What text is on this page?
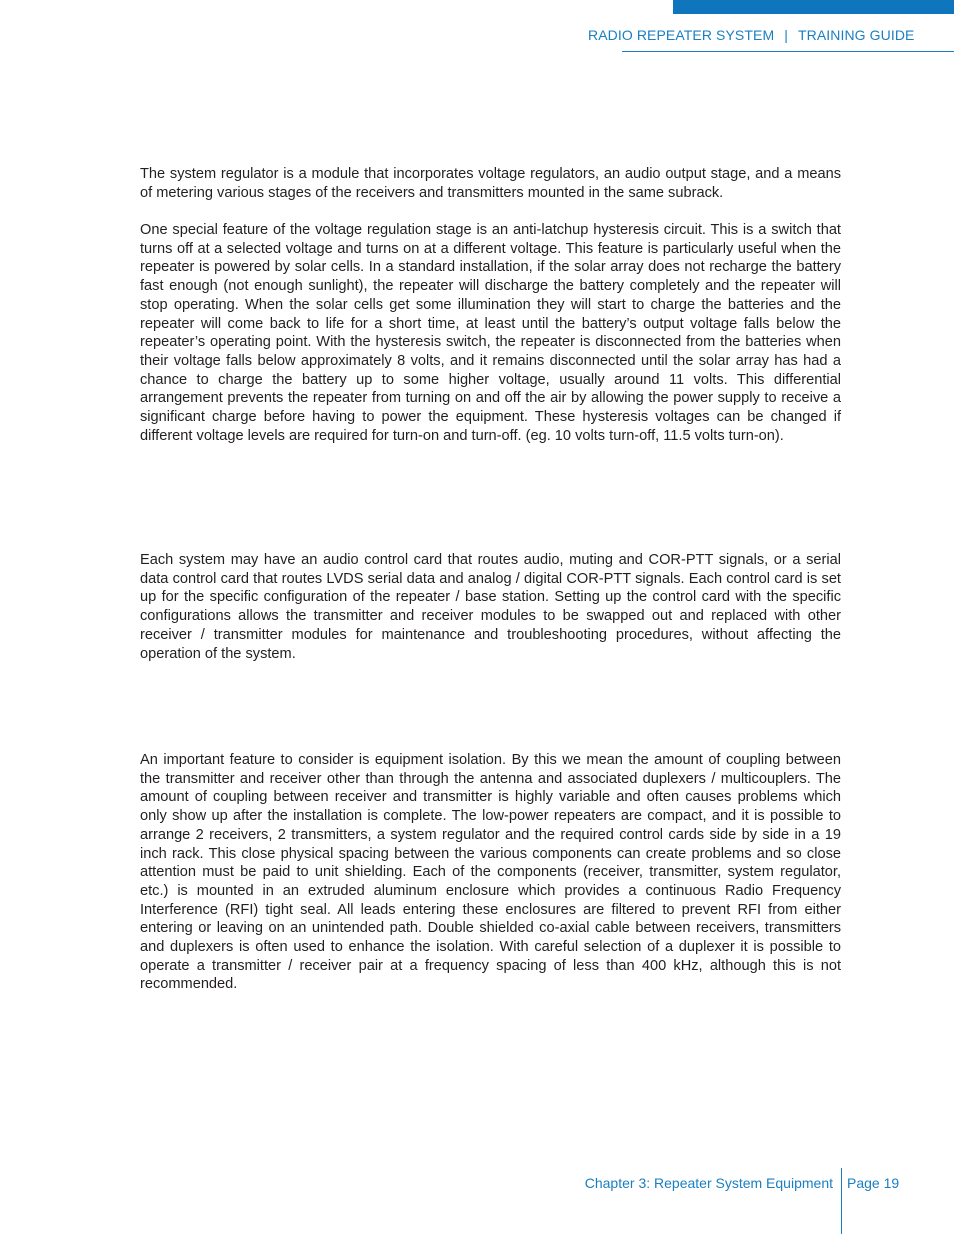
RADIO REPEATER SYSTEM | TRAINING GUIDE

The system regulator is a module that incorporates voltage regulators, an audio output stage, and a means of metering various stages of the receivers and transmitters mounted in the same subrack.

One special feature of the voltage regulation stage is an anti-latchup hysteresis circuit. This is a switch that turns off at a selected voltage and turns on at a different voltage. This feature is particularly useful when the repeater is powered by solar cells. In a standard installation, if the solar array does not recharge the battery fast enough (not enough sunlight), the repeater will discharge the battery completely and the repeater will stop operating. When the solar cells get some illumination they will start to charge the batteries and the repeater will come back to life for a short time, at least until the battery’s output voltage falls below the repeater’s operating point. With the hysteresis switch, the repeater is disconnected from the batteries when their voltage falls below approximately 8 volts, and it remains disconnected until the solar array has had a chance to charge the battery up to some higher voltage, usually around 11 volts. This differential arrangement prevents the repeater from turning on and off the air by allowing the power supply to receive a significant charge before having to power the equipment. These hysteresis voltages can be changed if different voltage levels are required for turn-on and turn-off. (eg. 10 volts turn-off, 11.5 volts turn-on).

Each system may have an audio control card that routes audio, muting and COR-PTT signals, or a serial data control card that routes LVDS serial data and analog / digital COR-PTT signals. Each control card is set up for the specific configuration of the repeater / base station. Setting up the control card with the specific configurations allows the transmitter and receiver modules to be swapped out and replaced with other receiver / transmitter modules for maintenance and troubleshooting procedures, without affecting the operation of the system.

An important feature to consider is equipment isolation. By this we mean the amount of coupling between the transmitter and receiver other than through the antenna and associated duplexers / multicouplers. The amount of coupling between receiver and transmitter is highly variable and often causes problems which only show up after the installation is complete. The low-power repeaters are compact, and it is possible to arrange 2 receivers, 2 transmitters, a system regulator and the required control cards side by side in a 19 inch rack. This close physical spacing between the various components can create problems and so close attention must be paid to unit shielding. Each of the components (receiver, transmitter, system regulator, etc.) is mounted in an extruded aluminum enclosure which provides a continuous Radio Frequency Interference (RFI) tight seal. All leads entering these enclosures are filtered to prevent RFI from either entering or leaving on an unintended path. Double shielded co-axial cable between receivers, transmitters and duplexers is often used to enhance the isolation. With careful selection of a duplexer it is possible to operate a transmitter / receiver pair at a frequency spacing of less than 400 kHz, although this is not recommended.

Chapter 3: Repeater System Equipment Page 19
